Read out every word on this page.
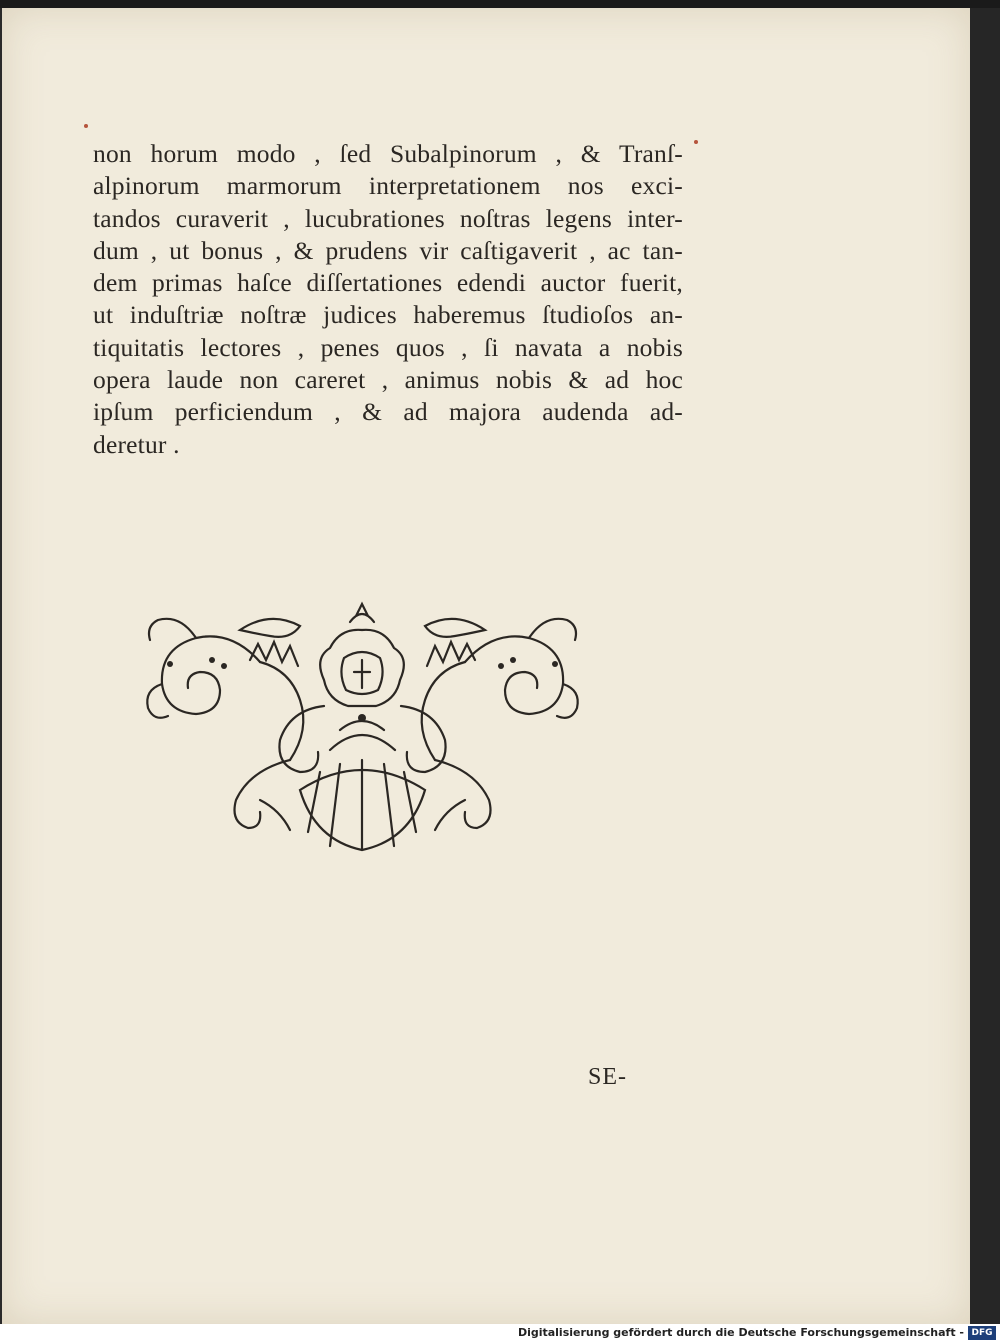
non horum modo , ſed Subalpinorum , & Tranſ-
alpinorum marmorum interpretationem nos exci-
tandos curaverit , lucubrationes noſtras legens inter-
dum , ut bonus , & prudens vir caſtigaverit , ac tan-
dem primas haſce diſſertationes edendi auctor fuerit,
ut induſtriæ noſtræ judices haberemus ſtudioſos an-
tiquitatis lectores , penes quos , ſi navata a nobis
opera laude non careret , animus nobis & ad hoc
ipſum perficiendum , & ad majora audenda ad-
deretur .
SE-
Digitalisierung gefördert durch die Deutsche Forschungsgemeinschaft - DFG
